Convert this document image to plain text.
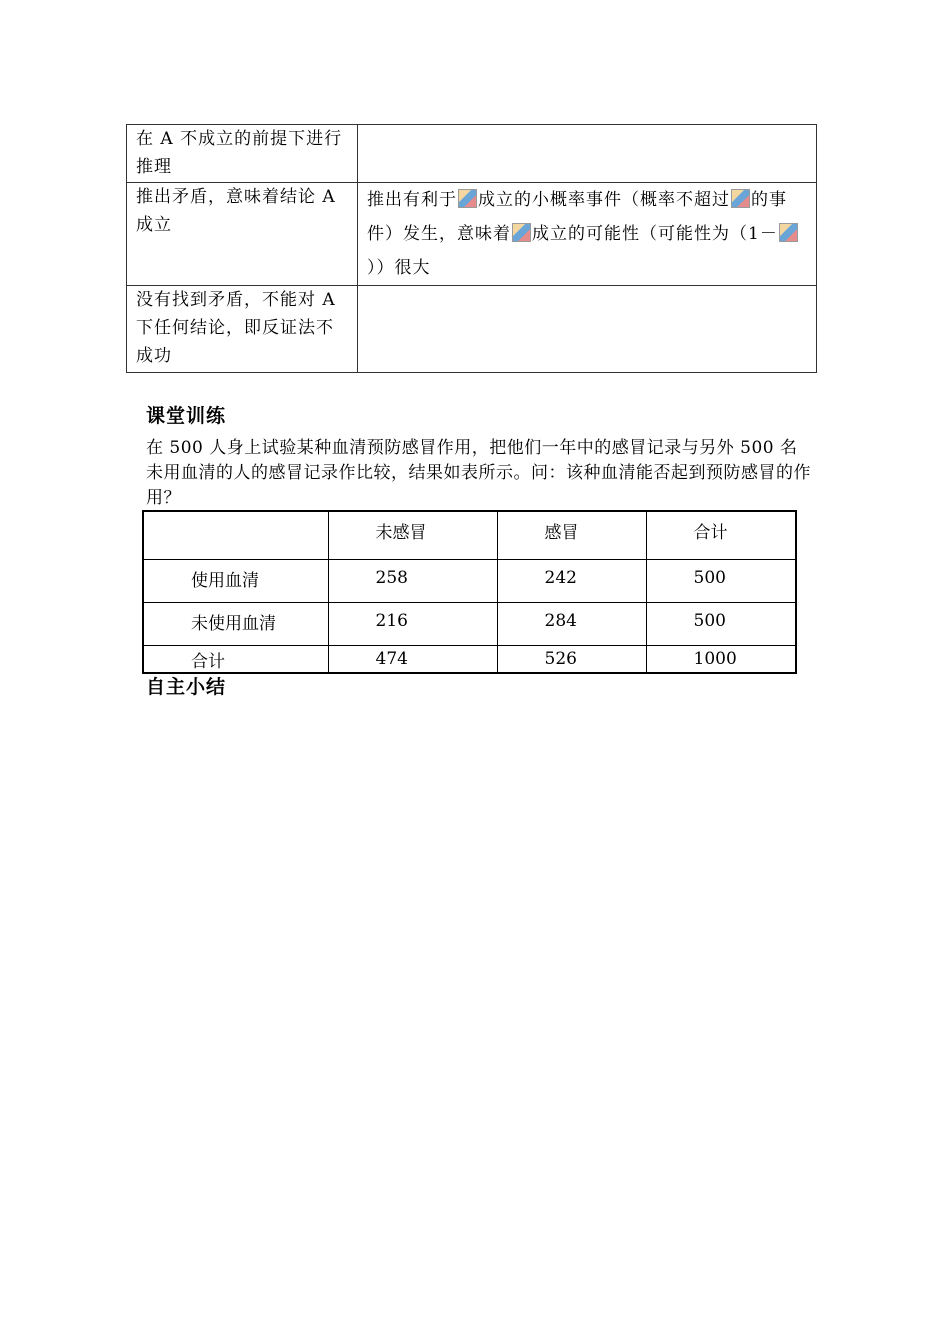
在 A 不成立的前提下进行推理	
推出矛盾，意味着结论 A 成立	推出有利于 成立的小概率事件（概率不超过 的事件）发生，意味着 成立的可能性（可能性为（1－））很大
没有找到矛盾，不能对 A 下任何结论，即反证法不成功	
课堂训练

在 500 人身上试验某种血清预防感冒作用，把他们一年中的感冒记录与另外 500 名未用血清的人的感冒记录作比较，结果如表所示。问：该种血清能否起到预防感冒的作用？

	未感冒	感冒	合计
使用血清	258	242	500
未使用血清	216	284	500
合计	474	526	1000
自主小结
